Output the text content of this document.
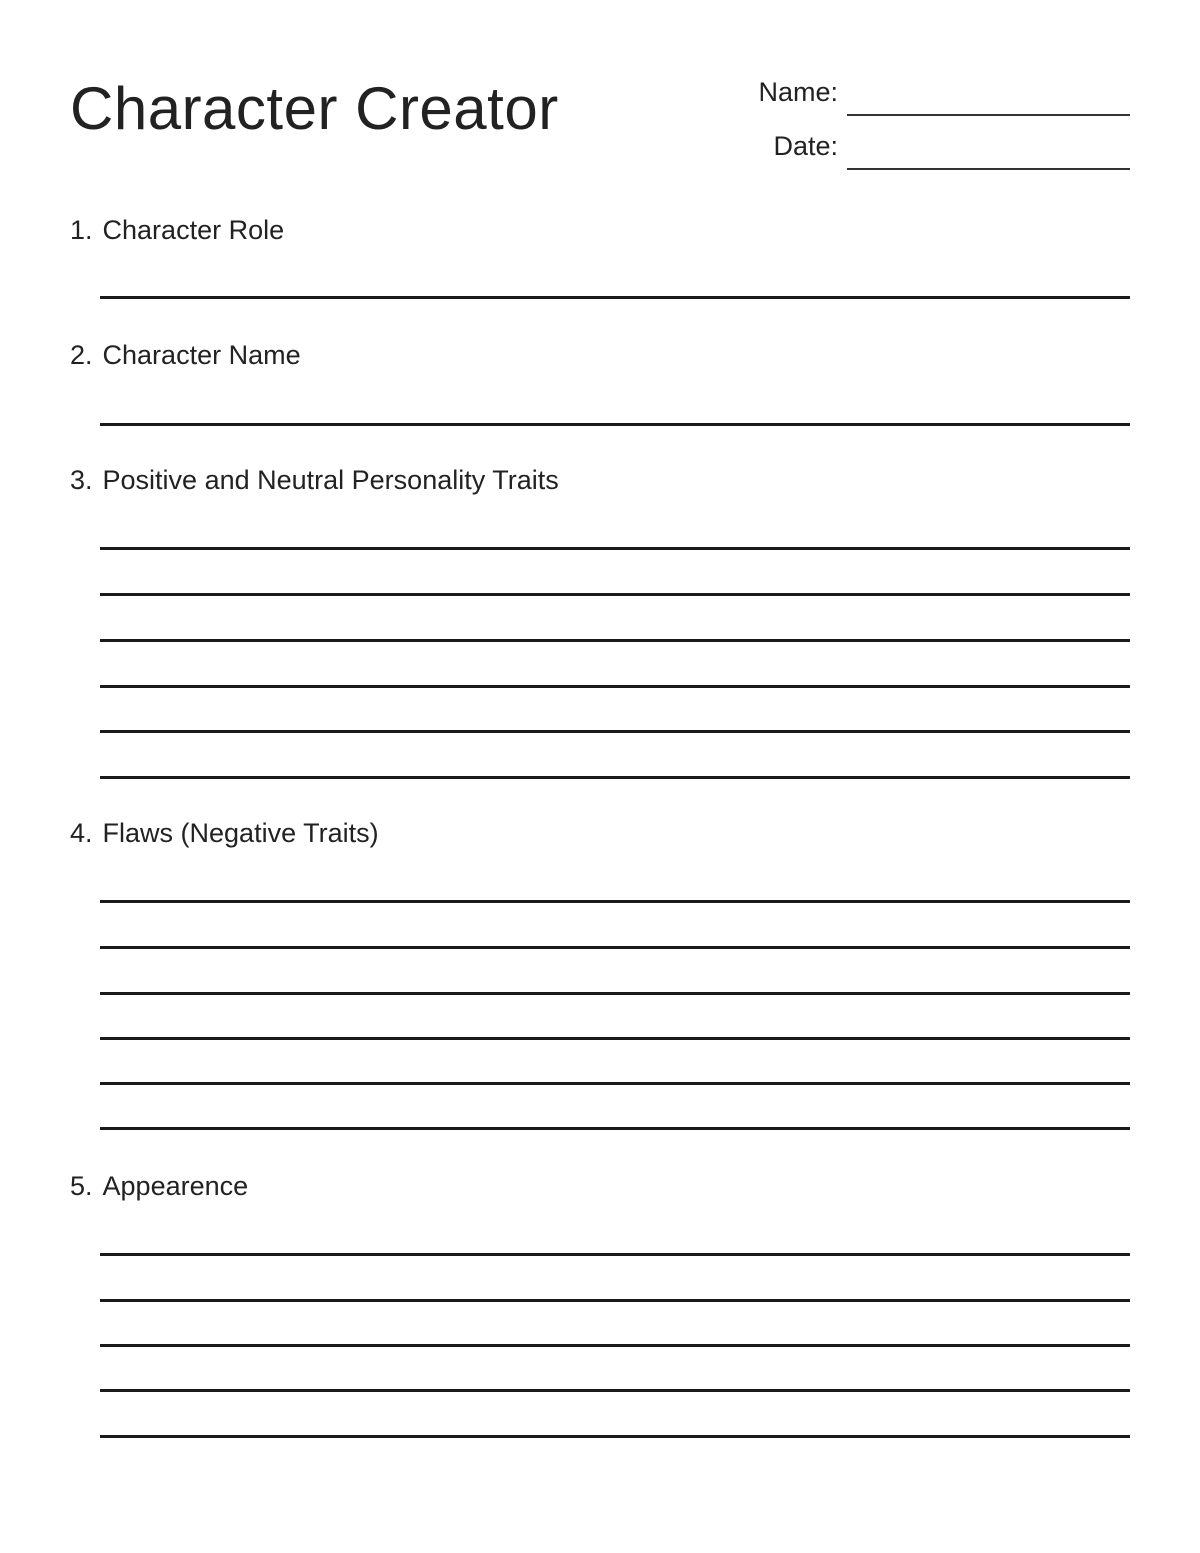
Character Creator	Name:
Date:
1. Character Role
2. Character Name
3. Positive and Neutral Personality Traits
4. Flaws (Negative Traits)
5. Appearence
